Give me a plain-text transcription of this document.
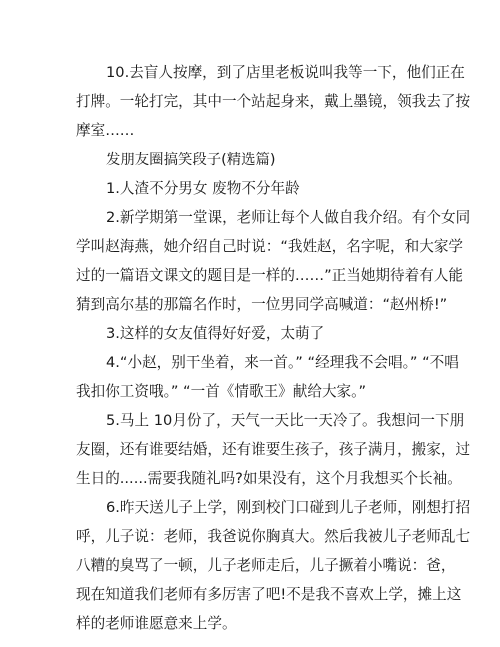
10.去盲人按摩，到了店里老板说叫我等一下，他们正在
打牌。一轮打完，其中一个站起身来，戴上墨镜，领我去了按
摩室……
发朋友圈搞笑段子(精选篇)
1.人渣不分男女 废物不分年龄
2.新学期第一堂课，老师让每个人做自我介绍。有个女同
学叫赵海燕，她介绍自己时说：“我姓赵，名字呢，和大家学
过的一篇语文课文的题目是一样的……”正当她期待着有人能
猜到高尔基的那篇名作时，一位男同学高喊道：“赵州桥!”
3.这样的女友值得好好爱，太萌了
4.“小赵，别干坐着，来一首。” “经理我不会唱。” “不唱
我扣你工资哦。” “一首《情歌王》献给大家。”
5.马上 10月份了，天气一天比一天冷了。我想问一下朋
友圈，还有谁要结婚，还有谁要生孩子，孩子满月，搬家，过
生日的......需要我随礼吗?如果没有，这个月我想买个长袖。
6.昨天送儿子上学，刚到校门口碰到儿子老师，刚想打招
呼，儿子说：老师，我爸说你胸真大。然后我被儿子老师乱七
八糟的臭骂了一顿，儿子老师走后，儿子撅着小嘴说：爸，
现在知道我们老师有多厉害了吧!不是我不喜欢上学，摊上这
样的老师谁愿意来上学。
